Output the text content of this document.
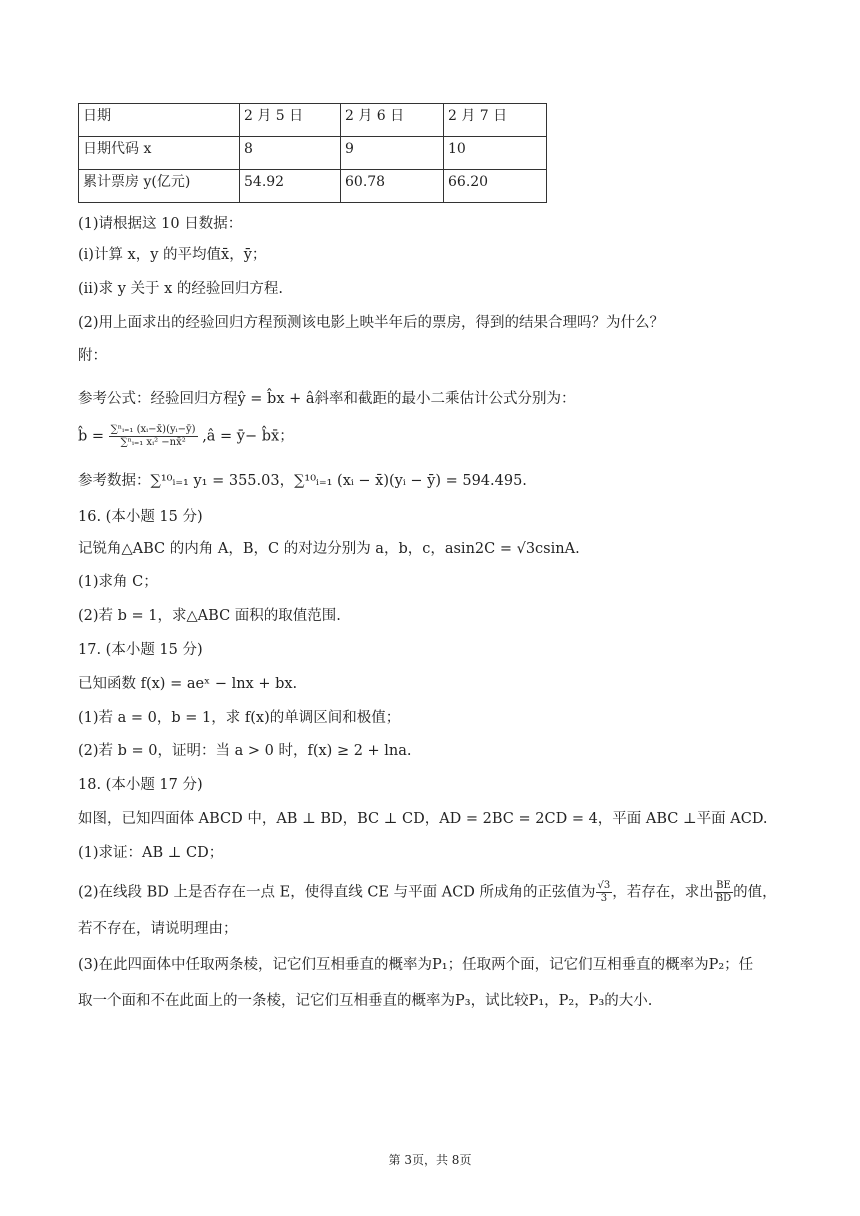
日期	2 月 5 日	2 月 6 日	2 月 7 日
日期代码 x	8	9	10
累计票房 y(亿元)	54.92	60.78	66.20
(1)请根据这 10 日数据：
(i)计算 x，y 的平均值x̄，ȳ；
(ii)求 y 关于 x 的经验回归方程.
(2)用上面求出的经验回归方程预测该电影上映半年后的票房，得到的结果合理吗？为什么？
附：
参考公式：经验回归方程ŷ = b̂x + â斜率和截距的最小二乘估计公式分别为：
b̂ = $\frac{\text{∑ⁿᵢ₌₁ (xᵢ−x̄)(yᵢ−ȳ)}}{\text{∑ⁿᵢ₌₁ xᵢ² −nx̄²}}$ ,â = ȳ− b̂x̄；
参考数据：∑¹⁰ᵢ₌₁ y₁ = 355.03，∑¹⁰ᵢ₌₁ (xᵢ − x̄)(yᵢ − ȳ) = 594.495.
16. (本小题 15 分)
记锐角△ABC 的内角 A，B，C 的对边分别为 a，b，c，asin2C = √3csinA.
(1)求角 C；
(2)若 b = 1，求△ABC 面积的取值范围.
17. (本小题 15 分)
已知函数 f(x) = aeˣ − lnx + bx.
(1)若 a = 0，b = 1，求 f(x)的单调区间和极值；
(2)若 b = 0，证明：当 a > 0 时，f(x) ≥ 2 + lna.
18. (本小题 17 分)
如图，已知四面体 ABCD 中，AB ⊥ BD，BC ⊥ CD，AD = 2BC = 2CD = 4，平面 ABC ⊥平面 ACD.
(1)求证：AB ⊥ CD；
(2)在线段 BD 上是否存在一点 E，使得直线 CE 与平面 ACD 所成角的正弦值为 $\frac{√3}{3}$ ，若存在，求出 $\frac{BE}{BD}$ 的值，
若不存在，请说明理由；
(3)在此四面体中任取两条棱，记它们互相垂直的概率为P₁；任取两个面，记它们互相垂直的概率为P₂；任
取一个面和不在此面上的一条棱，记它们互相垂直的概率为P₃，试比较P₁，P₂，P₃的大小.
第 3页，共 8页
